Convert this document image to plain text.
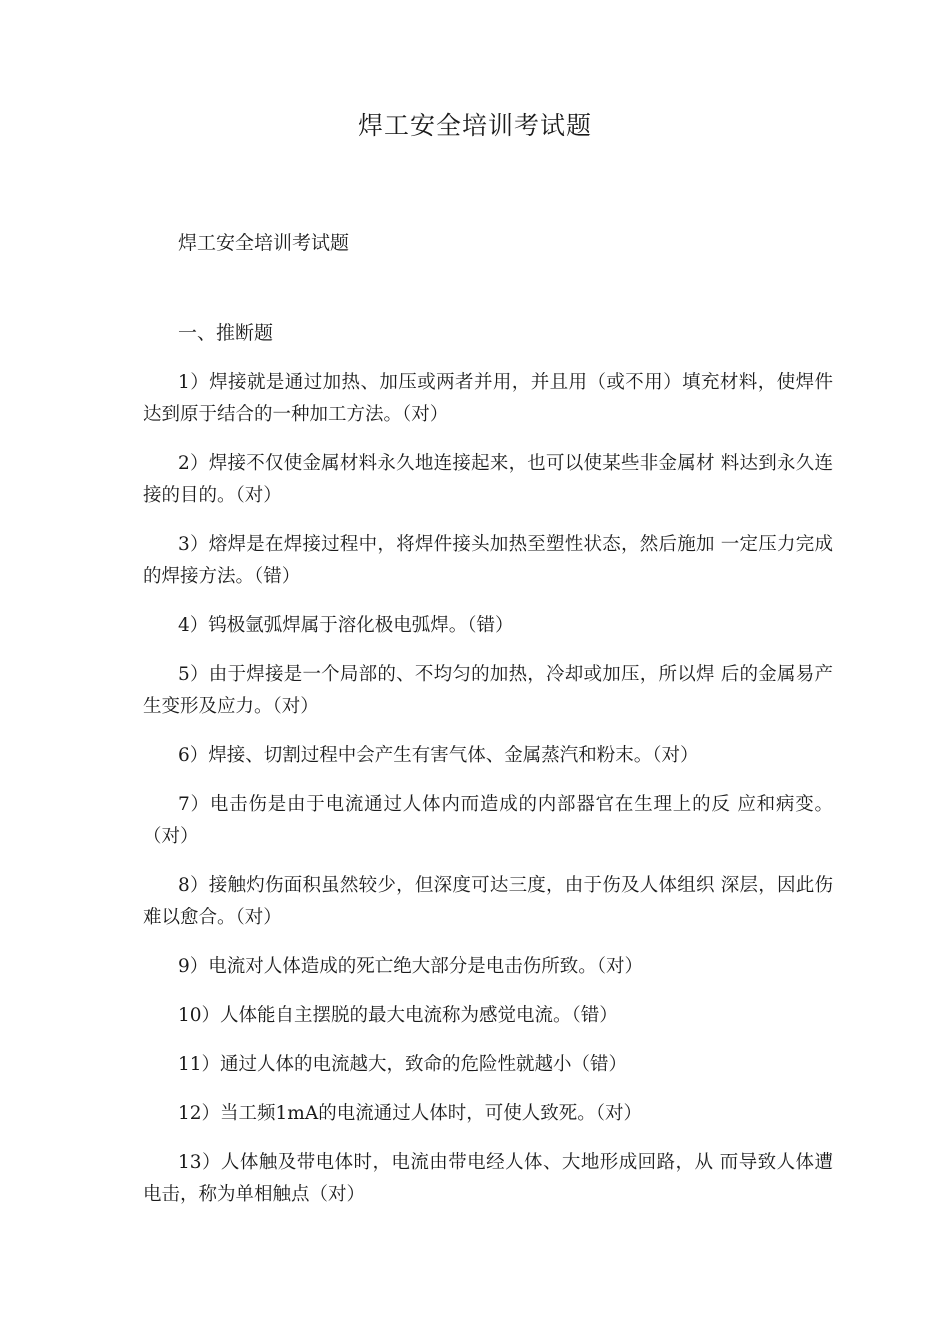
焊工安全培训考试题
焊工安全培训考试题
一、推断题

1）焊接就是通过加热、加压或两者并用，并且用（或不用）填充材料，使焊件达到原于结合的一种加工方法。（对）

2）焊接不仅使金属材料永久地连接起来，也可以使某些非金属材 料达到永久连接的目的。（对）

3）熔焊是在焊接过程中，将焊件接头加热至塑性状态，然后施加 一定压力完成的焊接方法。（错）

4）钨极氩弧焊属于溶化极电弧焊。（错）

5）由于焊接是一个局部的、不均匀的加热，冷却或加压，所以焊 后的金属易产生变形及应力。（对）

6）焊接、切割过程中会产生有害气体、金属蒸汽和粉末。（对）

7）电击伤是由于电流通过人体内而造成的内部器官在生理上的反 应和病变。（对）

8）接触灼伤面积虽然较少，但深度可达三度，由于伤及人体组织 深层，因此伤难以愈合。（对）

9）电流对人体造成的死亡绝大部分是电击伤所致。（对）

10）人体能自主摆脱的最大电流称为感觉电流。（错）

11）通过人体的电流越大，致命的危险性就越小（错）

12）当工频1mA的电流通过人体时，可使人致死。（对）

13）人体触及带电体时，电流由带电经人体、大地形成回路，从 而导致人体遭电击，称为单相触点（对）
